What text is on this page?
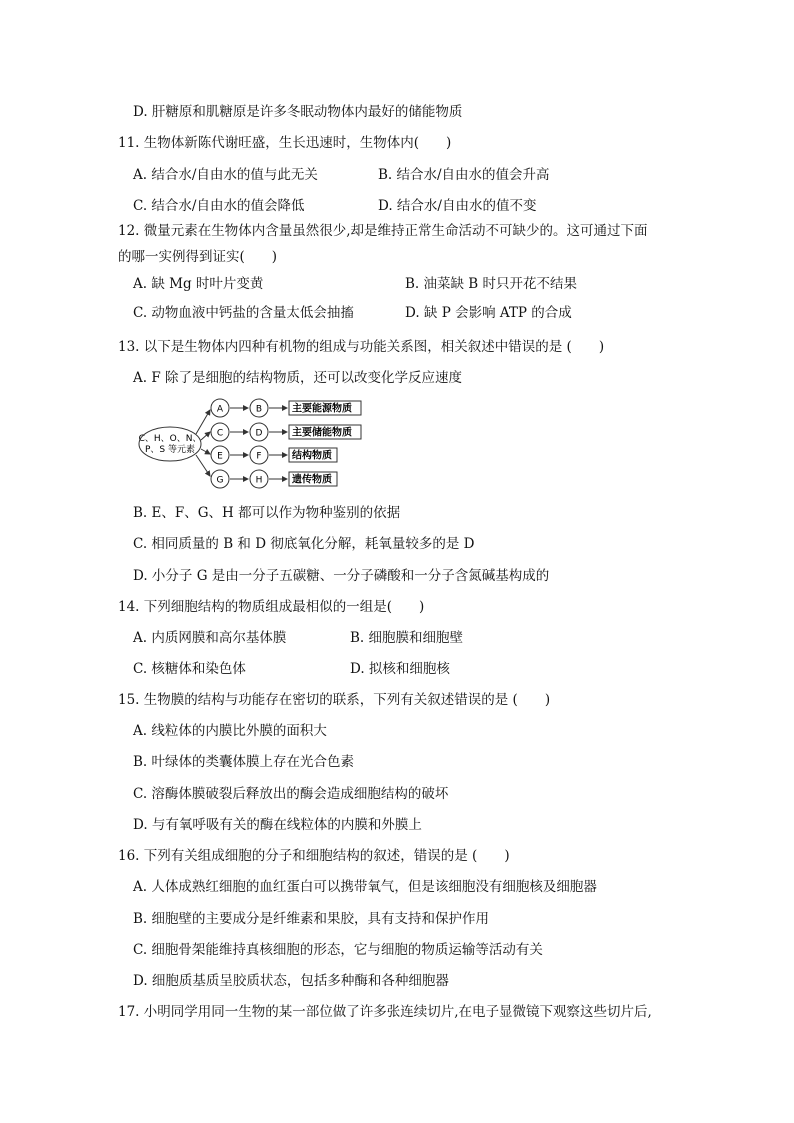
D. 肝糖原和肌糖原是许多冬眠动物体内最好的储能物质
11. 生物体新陈代谢旺盛，生长迅速时，生物体内(　　)
A. 结合水/自由水的值与此无关	B. 结合水/自由水的值会升高
C. 结合水/自由水的值会降低	D. 结合水/自由水的值不变
12. 微量元素在生物体内含量虽然很少,却是维持正常生命活动不可缺少的。这可通过下面
的哪一实例得到证实(　　)
A. 缺 Mg 时叶片变黄	B. 油菜缺 B 时只开花不结果
C. 动物血液中钙盐的含量太低会抽搐	D. 缺 P 会影响 ATP 的合成
13. 以下是生物体内四种有机物的组成与功能关系图，相关叙述中错误的是 (　　)
A. F 除了是细胞的结构物质，还可以改变化学反应速度
C、H、O、N、
P、S 等元素
A
C
E
G
B
D
F
H
主要能源物质
主要储能物质
结构物质
遗传物质
B. E、F、G、H 都可以作为物种鉴别的依据
C. 相同质量的 B 和 D 彻底氧化分解，耗氧量较多的是 D
D. 小分子 G 是由一分子五碳糖、一分子磷酸和一分子含氮碱基构成的
14. 下列细胞结构的物质组成最相似的一组是(　　)
A. 内质网膜和高尔基体膜	B. 细胞膜和细胞壁
C. 核糖体和染色体	D. 拟核和细胞核
15. 生物膜的结构与功能存在密切的联系，下列有关叙述错误的是 (　　)
A. 线粒体的内膜比外膜的面积大
B. 叶绿体的类囊体膜上存在光合色素
C. 溶酶体膜破裂后释放出的酶会造成细胞结构的破坏
D. 与有氧呼吸有关的酶在线粒体的内膜和外膜上
16. 下列有关组成细胞的分子和细胞结构的叙述，错误的是 (　　)
A. 人体成熟红细胞的血红蛋白可以携带氧气，但是该细胞没有细胞核及细胞器
B. 细胞壁的主要成分是纤维素和果胶，具有支持和保护作用
C. 细胞骨架能维持真核细胞的形态，它与细胞的物质运输等活动有关
D. 细胞质基质呈胶质状态，包括多种酶和各种细胞器
17. 小明同学用同一生物的某一部位做了许多张连续切片,在电子显微镜下观察这些切片后,
